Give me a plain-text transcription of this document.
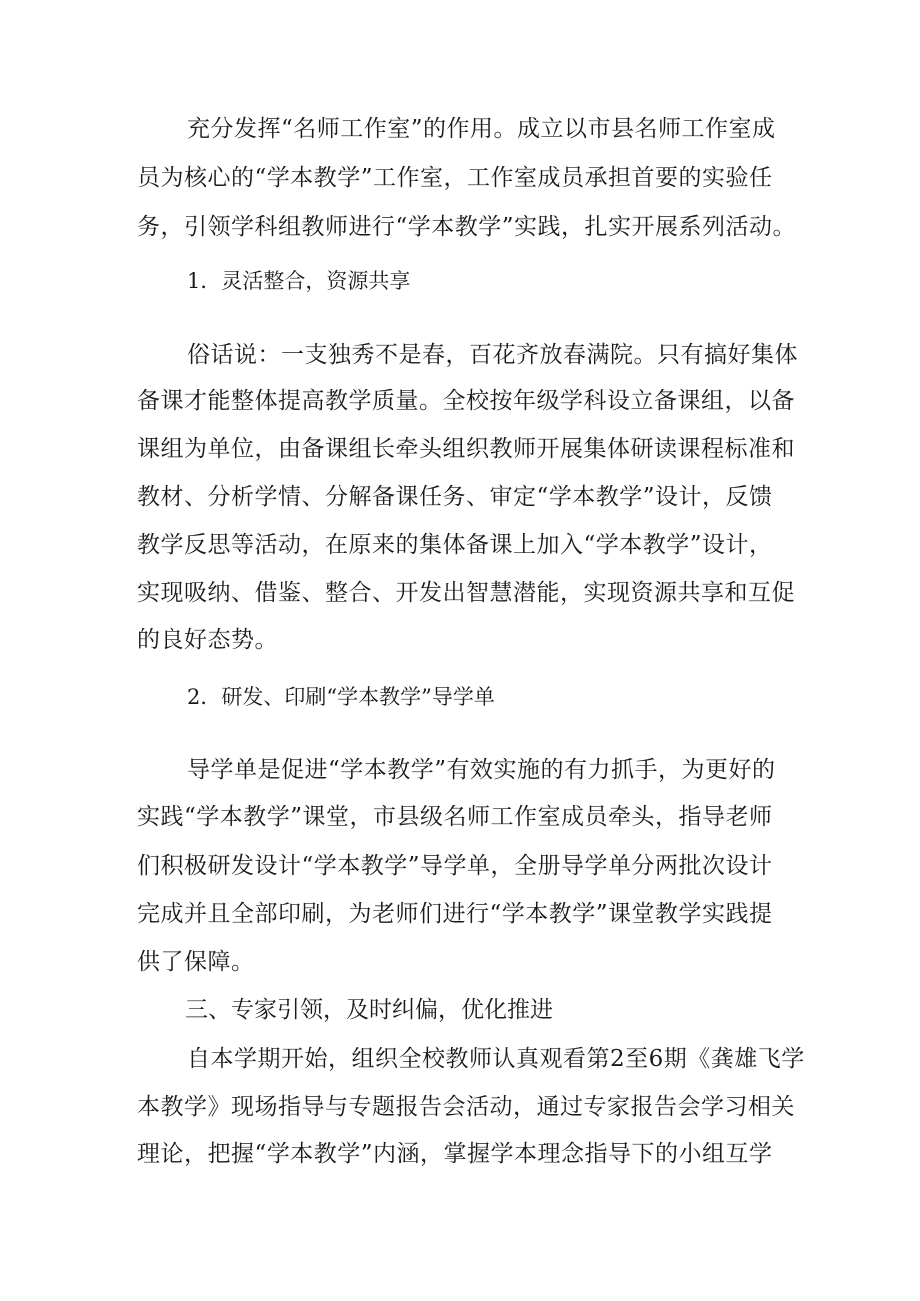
充分发挥“名师工作室”的作用。成立以市县名师工作室成
员为核心的“学本教学”工作室，工作室成员承担首要的实验任
务，引领学科组教师进行“学本教学”实践，扎实开展系列活动。
1．灵活整合，资源共享
俗话说：一支独秀不是春，百花齐放春满院。只有搞好集体
备课才能整体提高教学质量。全校按年级学科设立备课组，以备
课组为单位，由备课组长牵头组织教师开展集体研读课程标准和
教材、分析学情、分解备课任务、审定“学本教学”设计，反馈
教学反思等活动，在原来的集体备课上加入“学本教学”设计，
实现吸纳、借鉴、整合、开发出智慧潜能，实现资源共享和互促
的良好态势。
2．研发、印刷“学本教学”导学单
导学单是促进“学本教学”有效实施的有力抓手，为更好的
实践“学本教学”课堂，市县级名师工作室成员牵头，指导老师
们积极研发设计“学本教学”导学单，全册导学单分两批次设计
完成并且全部印刷，为老师们进行“学本教学”课堂教学实践提
供了保障。
三、专家引领，及时纠偏，优化推进
自本学期开始，组织全校教师认真观看第2至6期《龚雄飞学
本教学》现场指导与专题报告会活动，通过专家报告会学习相关
理论，把握“学本教学”内涵，掌握学本理念指导下的小组互学
